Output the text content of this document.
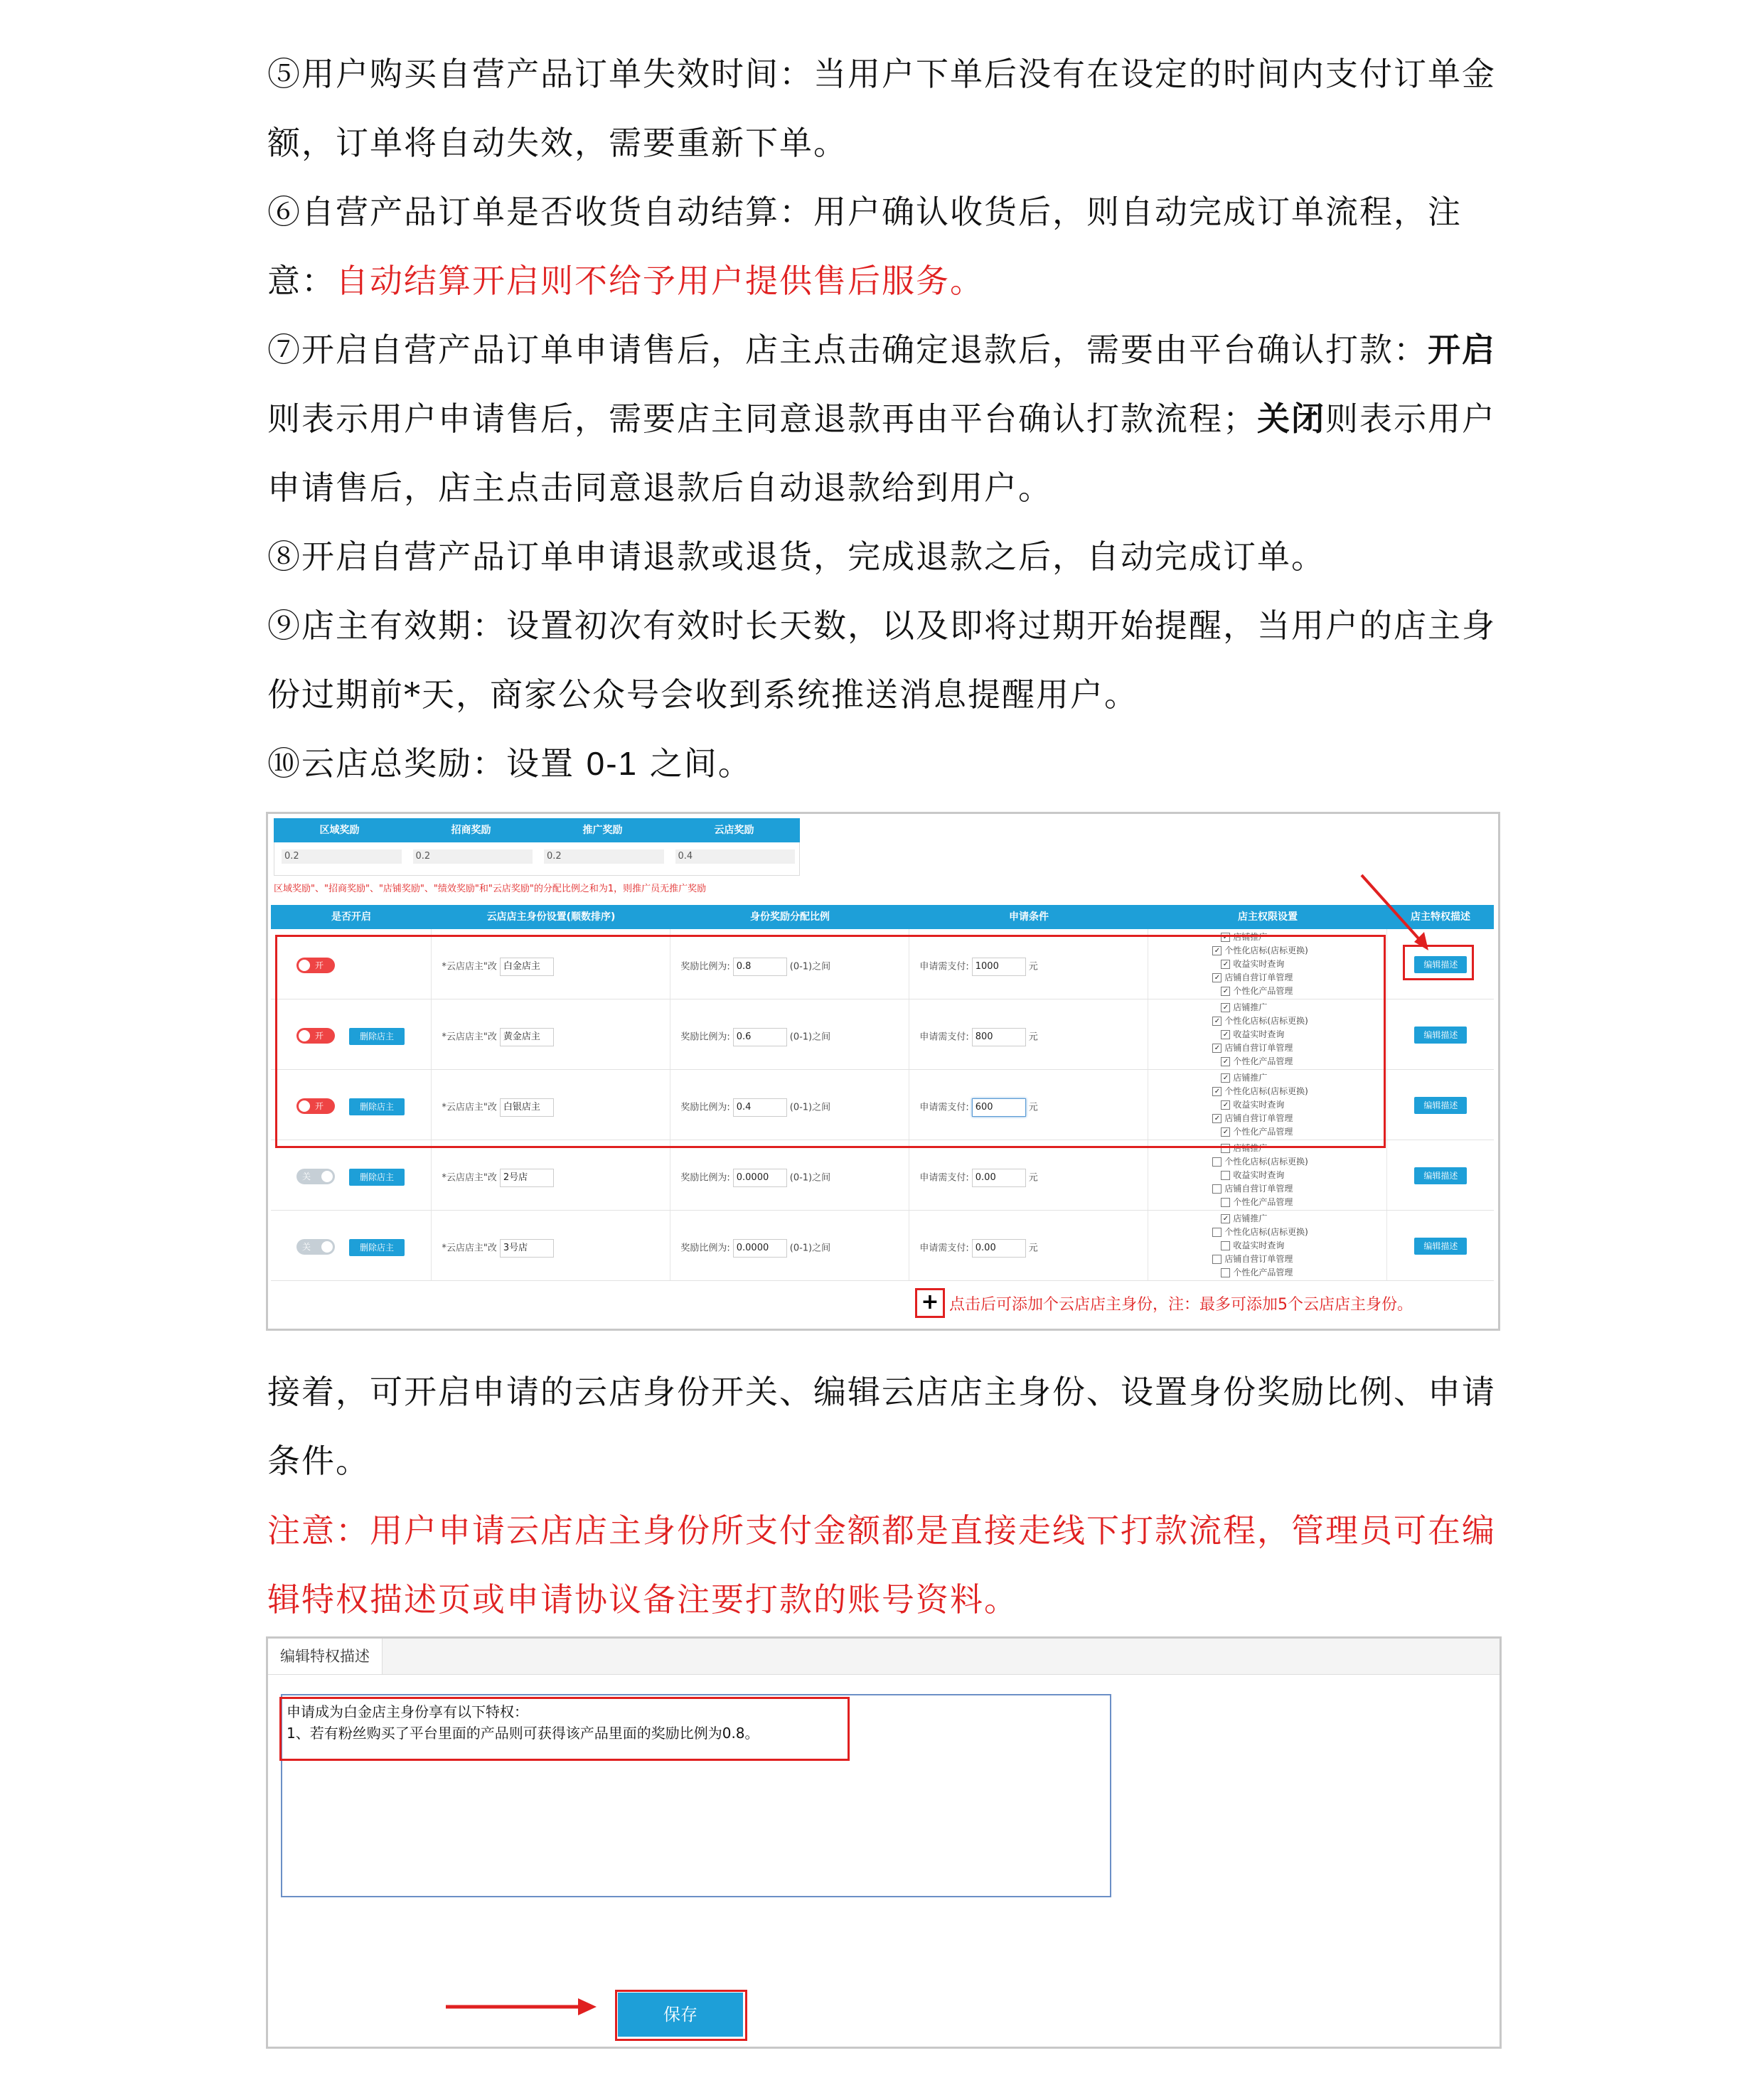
⑤用户购买自营产品订单失效时间：当用户下单后没有在设定的时间内支付订单金额，订单将自动失效，需要重新下单。
⑥自营产品订单是否收货自动结算：用户确认收货后，则自动完成订单流程，注意：自动结算开启则不给予用户提供售后服务。
⑦开启自营产品订单申请售后，店主点击确定退款后，需要由平台确认打款：开启则表示用户申请售后，需要店主同意退款再由平台确认打款流程；关闭则表示用户申请售后，店主点击同意退款后自动退款给到用户。
⑧开启自营产品订单申请退款或退货，完成退款之后，自动完成订单。
⑨店主有效期：设置初次有效时长天数，以及即将过期开始提醒，当用户的店主身份过期前*天，商家公众号会收到系统推送消息提醒用户。
⑩云店总奖励：设置 0-1 之间。
区域奖励	招商奖励	推广奖励	云店奖励
0.2	0.2	0.2	0.4
区域奖励"、"招商奖励"、"店铺奖励"、"绩效奖励"和"云店奖励"的分配比例之和为1，则推广员无推广奖励
是否开启	云店店主身份设置(顺数排序)	身份奖励分配比例	申请条件	店主权限设置	店主特权描述
开	*云店店主"改 白金店主	奖励比例为: 0.8	(0-1)之间	申请需支付: 1000	元
✓ 店铺推广
✓ 个性化店标(店标更换)
✓ 收益实时查询
✓ 店铺自营订单管理
✓ 个性化产品管理
编辑描述
开	删除店主	*云店店主"改 黄金店主	奖励比例为: 0.6	(0-1)之间	申请需支付: 800	元
✓ 店铺推广
✓ 个性化店标(店标更换)
✓ 收益实时查询
✓ 店铺自营订单管理
✓ 个性化产品管理
编辑描述
开	删除店主	*云店店主"改 白银店主	奖励比例为: 0.4	(0-1)之间	申请需支付: 600	元
✓ 店铺推广
✓ 个性化店标(店标更换)
✓ 收益实时查询
✓ 店铺自营订单管理
✓ 个性化产品管理
编辑描述
关	删除店主	*云店店主"改 2号店	奖励比例为: 0.0000 (0-1)之间	申请需支付: 0.00	元
店铺推广
个性化店标(店标更换)
收益实时查询
店铺自营订单管理
个性化产品管理
编辑描述
关	删除店主	*云店店主"改 3号店	奖励比例为: 0.0000 (0-1)之间	申请需支付: 0.00	元
✓ 店铺推广
个性化店标(店标更换)
收益实时查询
店铺自营订单管理
个性化产品管理
编辑描述
+ 点击后可添加个云店店主身份，注：最多可添加5个云店店主身份。
接着，可开启申请的云店身份开关、编辑云店店主身份、设置身份奖励比例、申请条件。
注意：用户申请云店店主身份所支付金额都是直接走线下打款流程，管理员可在编辑特权描述页或申请协议备注要打款的账号资料。
编辑特权描述
申请成为白金店主身份享有以下特权：
1、若有粉丝购买了平台里面的产品则可获得该产品里面的奖励比例为0.8。
保存
